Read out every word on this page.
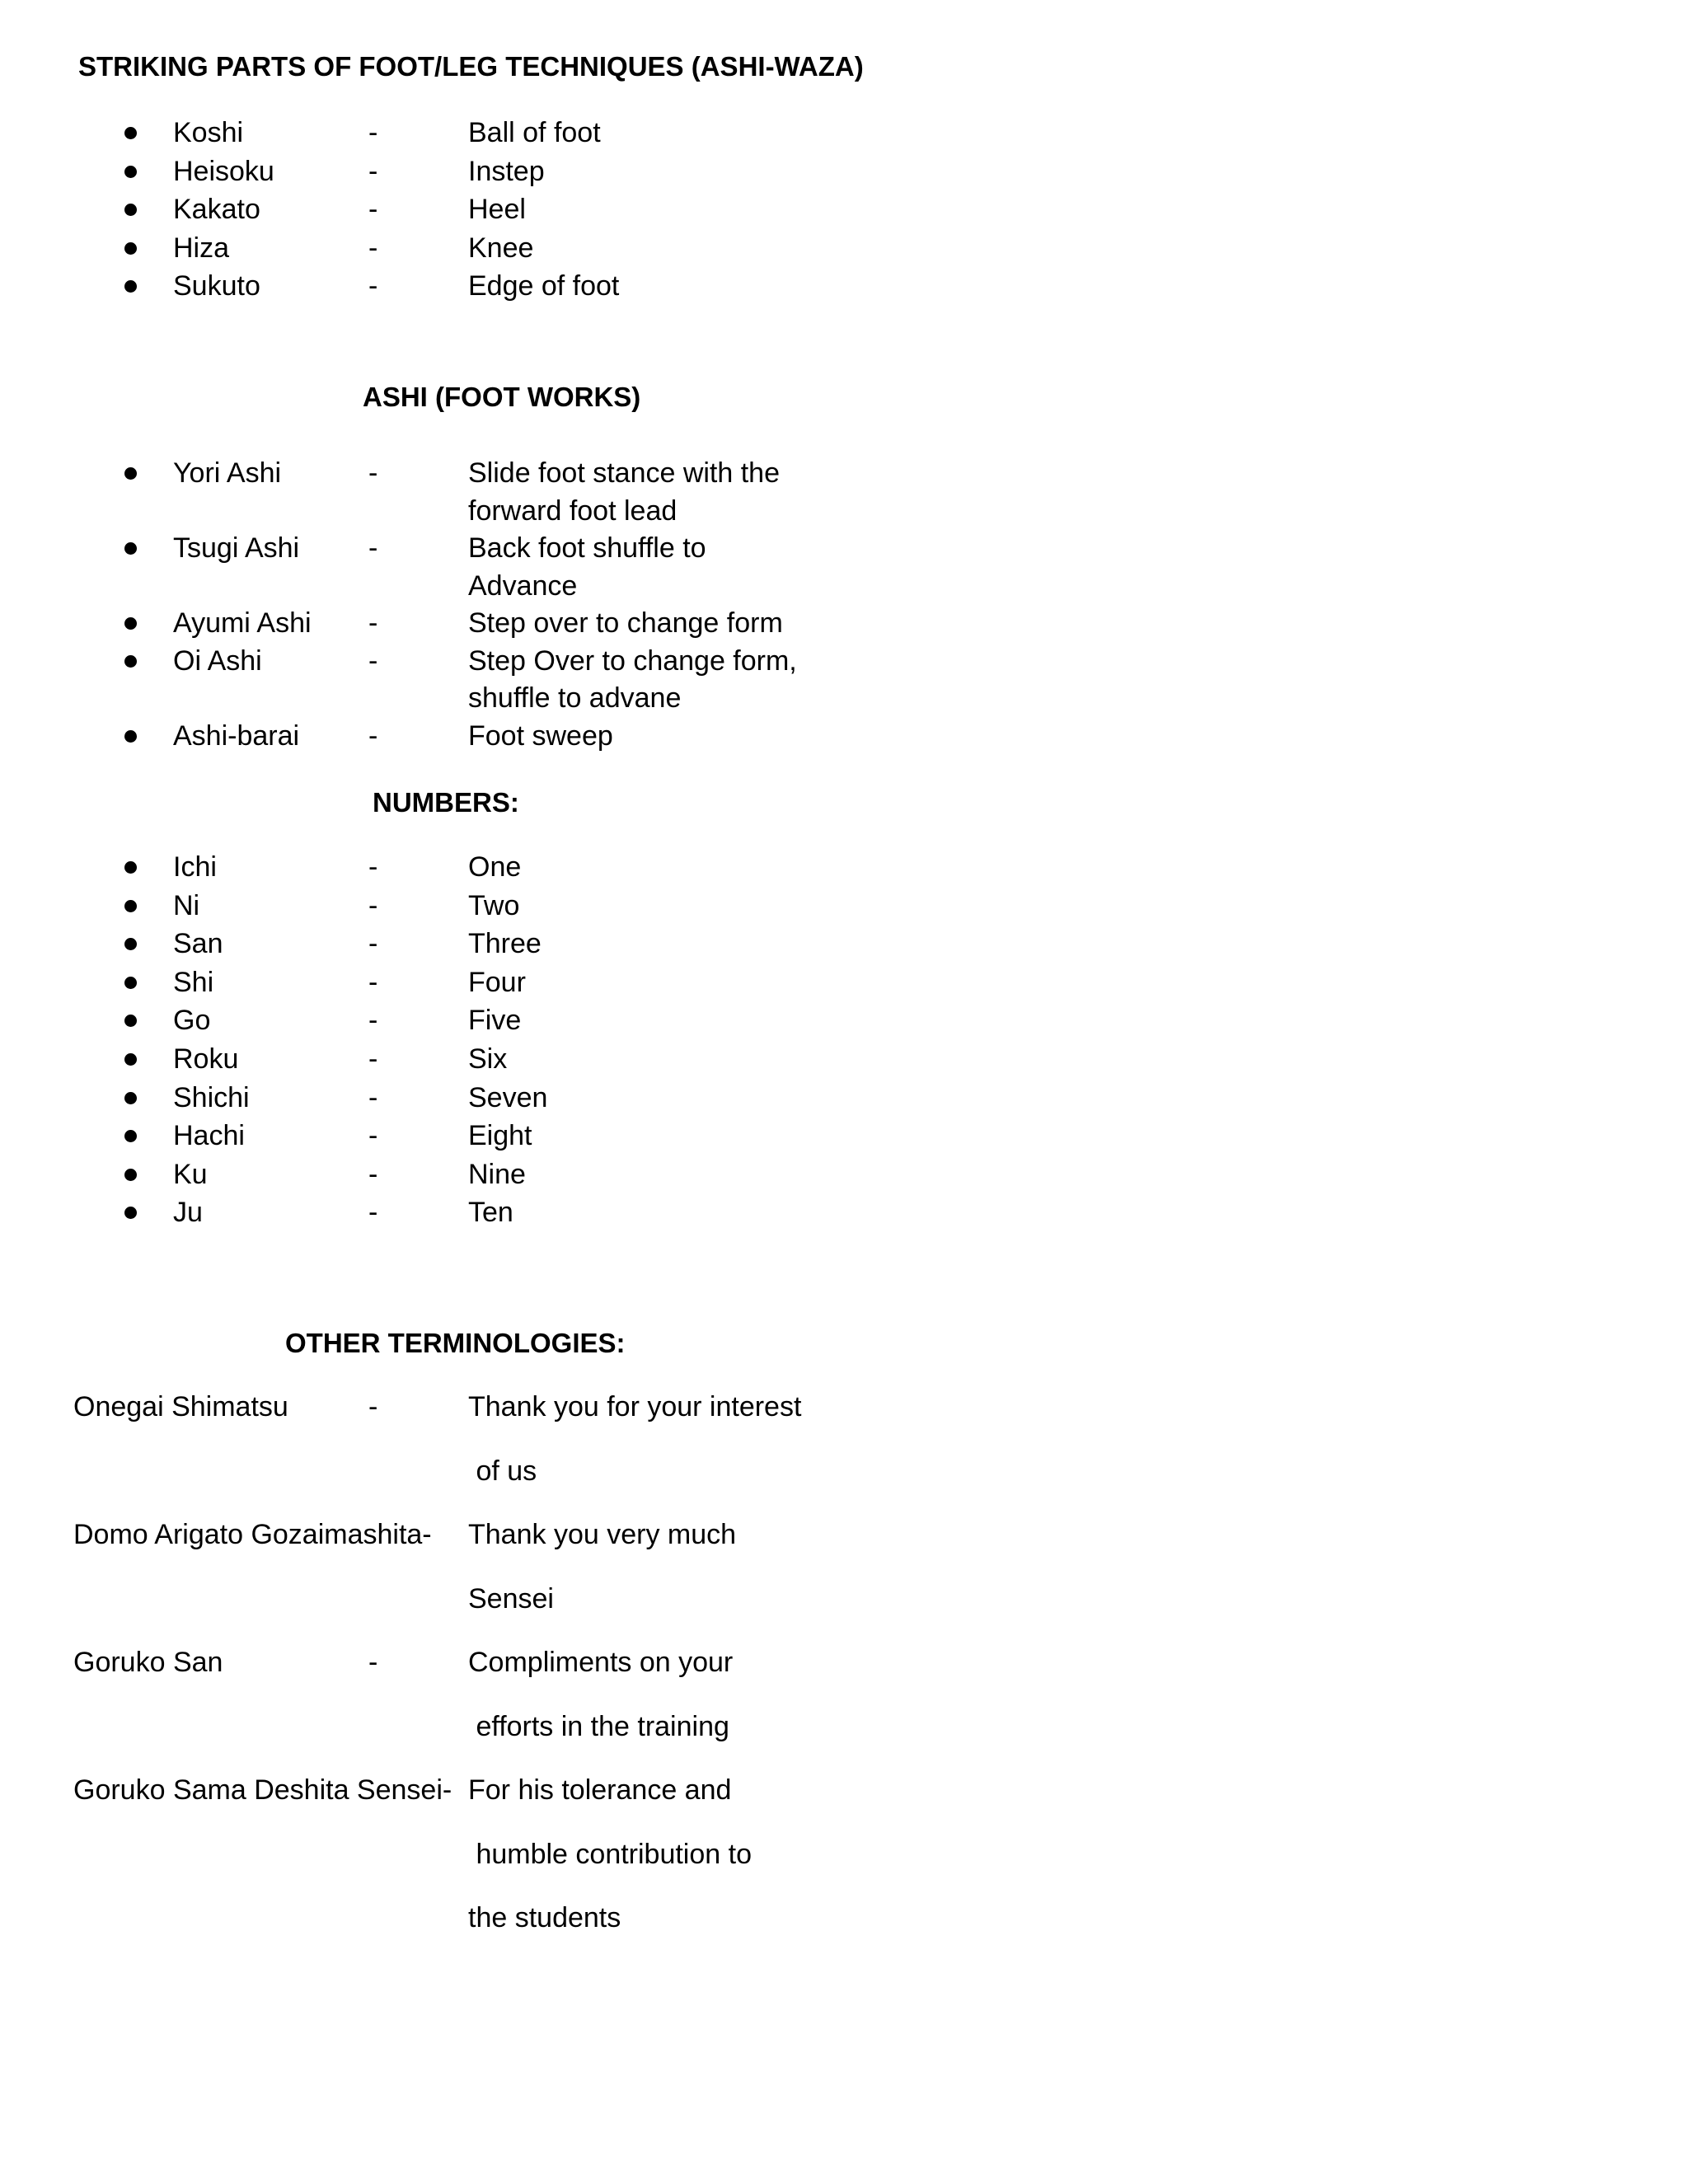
STRIKING PARTS OF FOOT/LEG TECHNIQUES (ASHI-WAZA)
Koshi	-	Ball of foot
Heisoku	-	Instep
Kakato	-	Heel
Hiza	-	Knee
Sukuto	-	Edge of foot
ASHI (FOOT WORKS)
Yori Ashi	-	Slide foot stance with the
forward foot lead
Tsugi Ashi -	Back foot shuffle to
Advance
Ayumi Ashi -	Step over to change form
Oi Ashi	-	Step Over to change form,
shuffle to advane
Ashi-barai -	Foot sweep
NUMBERS:
Ichi	-	One
Ni	-	Two
San	-	Three
Shi	-	Four
Go	-	Five
Roku	-	Six
Shichi	-	Seven
Hachi	-	Eight
Ku	-	Nine
Ju	-	Ten
OTHER TERMINOLOGIES:
Onegai Shimatsu	-	Thank you for your interest
of us
Domo Arigato Gozaimashita- Thank you very much
Sensei
Goruko San	-	Compliments on your
efforts in the training
Goruko Sama Deshita Sensei- For his tolerance and
humble contribution to
the students
